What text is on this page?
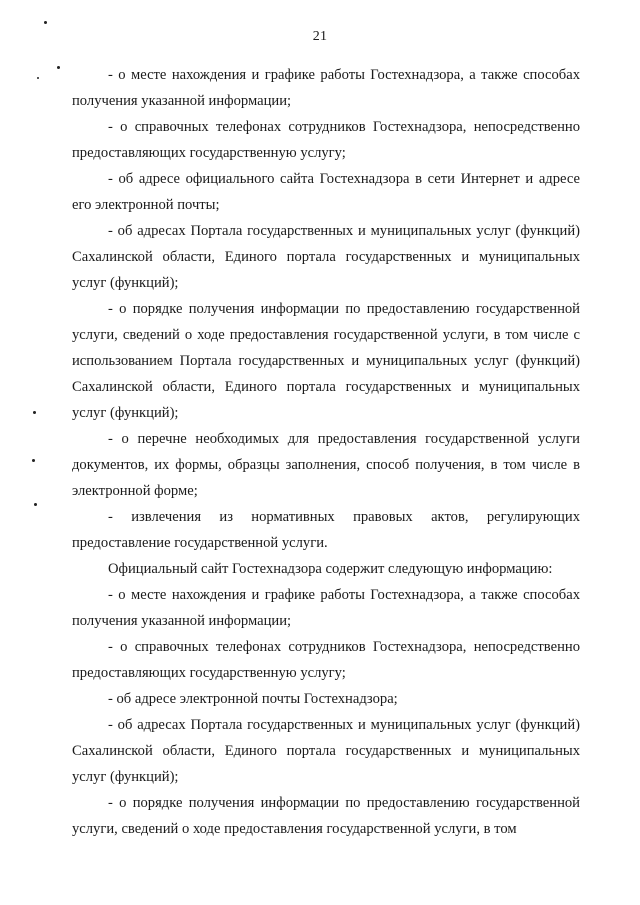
21

- о месте нахождения и графике работы Гостехнадзора, а также способах получения указанной информации;

- о справочных телефонах сотрудников Гостехнадзора, непосредственно предоставляющих государственную услугу;

- об адресе официального сайта Гостехнадзора в сети Интернет и адресе его электронной почты;

- об адресах Портала государственных и муниципальных услуг (функций) Сахалинской области, Единого портала государственных и муниципальных услуг (функций);

- о порядке получения информации по предоставлению государственной услуги, сведений о ходе предоставления государственной услуги, в том числе с использованием Портала государственных и муниципальных услуг (функций) Сахалинской области, Единого портала государственных и муниципальных услуг (функций);

- о перечне необходимых для предоставления государственной услуги документов, их формы, образцы заполнения, способ получения, в том числе в электронной форме;

- извлечения из нормативных правовых актов, регулирующих предоставление государственной услуги.

Официальный сайт Гостехнадзора содержит следующую информацию:

- о месте нахождения и графике работы Гостехнадзора, а также способах получения указанной информации;

- о справочных телефонах сотрудников Гостехнадзора, непосредственно предоставляющих государственную услугу;

- об адресе электронной почты Гостехнадзора;

- об адресах Портала государственных и муниципальных услуг (функций) Сахалинской области, Единого портала государственных и муниципальных услуг (функций);

- о порядке получения информации по предоставлению государственной услуги, сведений о ходе предоставления государственной услуги, в том
